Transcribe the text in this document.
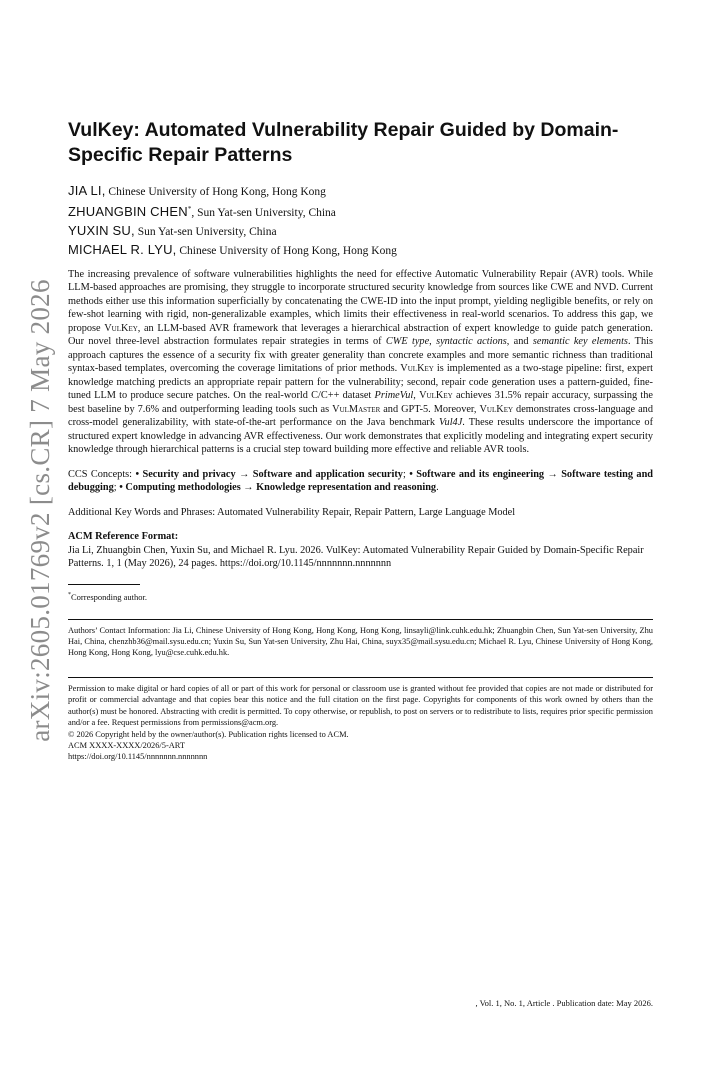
arXiv:2605.01769v2 [cs.CR] 7 May 2026
VulKey: Automated Vulnerability Repair Guided by Domain-Specific Repair Patterns
JIA LI, Chinese University of Hong Kong, Hong Kong
ZHUANGBIN CHEN*, Sun Yat-sen University, China
YUXIN SU, Sun Yat-sen University, China
MICHAEL R. LYU, Chinese University of Hong Kong, Hong Kong
The increasing prevalence of software vulnerabilities highlights the need for effective Automatic Vulnerability Repair (AVR) tools. While LLM-based approaches are promising, they struggle to incorporate structured security knowledge from sources like CWE and NVD. Current methods either use this information superficially by concatenating the CWE-ID into the input prompt, yielding negligible benefits, or rely on few-shot learning with rigid, non-generalizable examples, which limits their effectiveness in real-world scenarios. To address this gap, we propose VulKey, an LLM-based AVR framework that leverages a hierarchical abstraction of expert knowledge to guide patch generation. Our novel three-level abstraction formulates repair strategies in terms of CWE type, syntactic actions, and semantic key elements. This approach captures the essence of a security fix with greater generality than concrete examples and more semantic richness than traditional syntax-based templates, overcoming the coverage limitations of prior methods. VulKey is implemented as a two-stage pipeline: first, expert knowledge matching predicts an appropriate repair pattern for the vulnerability; second, repair code generation uses a pattern-guided, fine-tuned LLM to produce secure patches. On the real-world C/C++ dataset PrimeVul, VulKey achieves 31.5% repair accuracy, surpassing the best baseline by 7.6% and outperforming leading tools such as VulMaster and GPT-5. Moreover, VulKey demonstrates cross-language and cross-model generalizability, with state-of-the-art performance on the Java benchmark Vul4J. These results underscore the importance of structured expert knowledge in advancing AVR effectiveness. Our work demonstrates that explicitly modeling and integrating expert security knowledge through hierarchical patterns is a crucial step toward building more effective and reliable AVR tools.
CCS Concepts: • Security and privacy → Software and application security; • Software and its engineering → Software testing and debugging; • Computing methodologies → Knowledge representation and reasoning.
Additional Key Words and Phrases: Automated Vulnerability Repair, Repair Pattern, Large Language Model
ACM Reference Format:
Jia Li, Zhuangbin Chen, Yuxin Su, and Michael R. Lyu. 2026. VulKey: Automated Vulnerability Repair Guided by Domain-Specific Repair Patterns. 1, 1 (May 2026), 24 pages. https://doi.org/10.1145/nnnnnnn.nnnnnnn
*Corresponding author.
Authors’ Contact Information: Jia Li, Chinese University of Hong Kong, Hong Kong, Hong Kong, linsayli@link.cuhk.edu.hk; Zhuangbin Chen, Sun Yat-sen University, Zhu Hai, China, chenzhb36@mail.sysu.edu.cn; Yuxin Su, Sun Yat-sen University, Zhu Hai, China, suyx35@mail.sysu.edu.cn; Michael R. Lyu, Chinese University of Hong Kong, Hong Kong, Hong Kong, lyu@cse.cuhk.edu.hk.
Permission to make digital or hard copies of all or part of this work for personal or classroom use is granted without fee provided that copies are not made or distributed for profit or commercial advantage and that copies bear this notice and the full citation on the first page. Copyrights for components of this work owned by others than the author(s) must be honored. Abstracting with credit is permitted. To copy otherwise, or republish, to post on servers or to redistribute to lists, requires prior specific permission and/or a fee. Request permissions from permissions@acm.org.
© 2026 Copyright held by the owner/author(s). Publication rights licensed to ACM.
ACM XXXX-XXXX/2026/5-ART
https://doi.org/10.1145/nnnnnnn.nnnnnnn
, Vol. 1, No. 1, Article . Publication date: May 2026.
